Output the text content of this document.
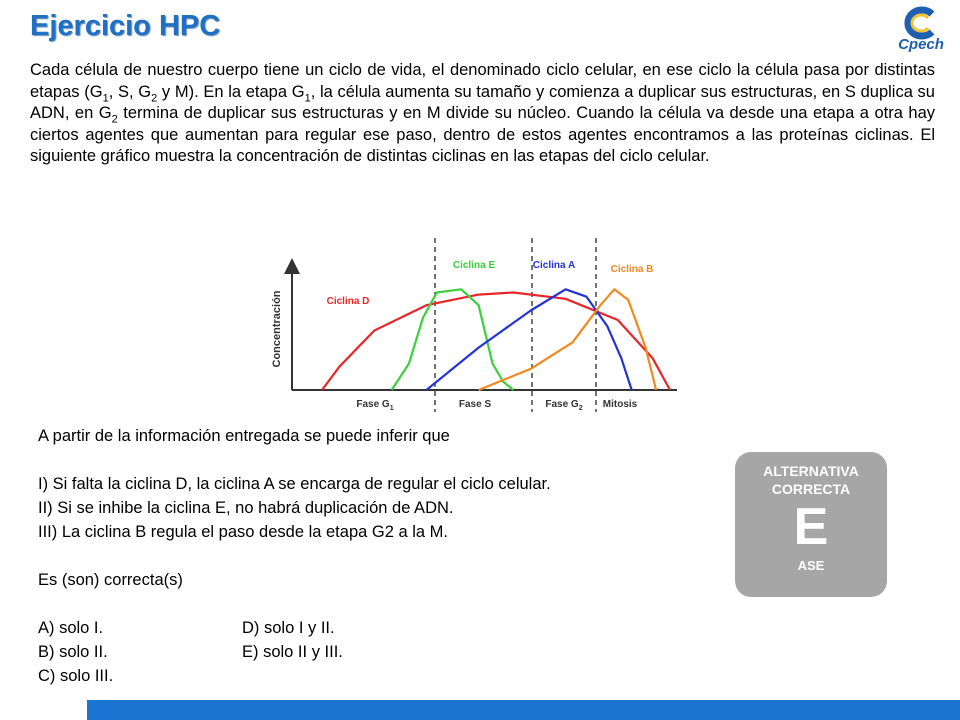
Ejercicio HPC
Cpech

Cada célula de nuestro cuerpo tiene un ciclo de vida, el denominado ciclo celular, en ese ciclo la célula pasa por distintas etapas ($G_1$, S, $G_2$ y M). En la etapa $G_1$, la célula aumenta su tamaño y comienza a duplicar sus estructuras, en S duplica su ADN, en $G_2$ termina de duplicar sus estructuras y en M divide su núcleo. Cuando la célula va desde una etapa a otra hay ciertos agentes que aumentan para regular ese paso, dentro de estos agentes encontramos a las proteínas ciclinas. El siguiente gráfico muestra la concentración de distintas ciclinas en las etapas del ciclo celular.

Concentración
Fase $G_1$	Fase S	Fase $G_2$ Mitosis
Ciclina D
Ciclina E	Ciclina A	Ciclina B

A partir de la información entregada se puede inferir que

I) Si falta la ciclina D, la ciclina A se encarga de regular el ciclo celular.

II) Si se inhibe la ciclina E, no habrá duplicación de ADN.

III) La ciclina B regula el paso desde la etapa G2 a la M.

Es (son) correcta(s)

A) solo I.	D) solo I y II.
B) solo II.	E) solo II y III.
C) solo III.
ALTERNATIVA
CORRECTA
E
ASE
